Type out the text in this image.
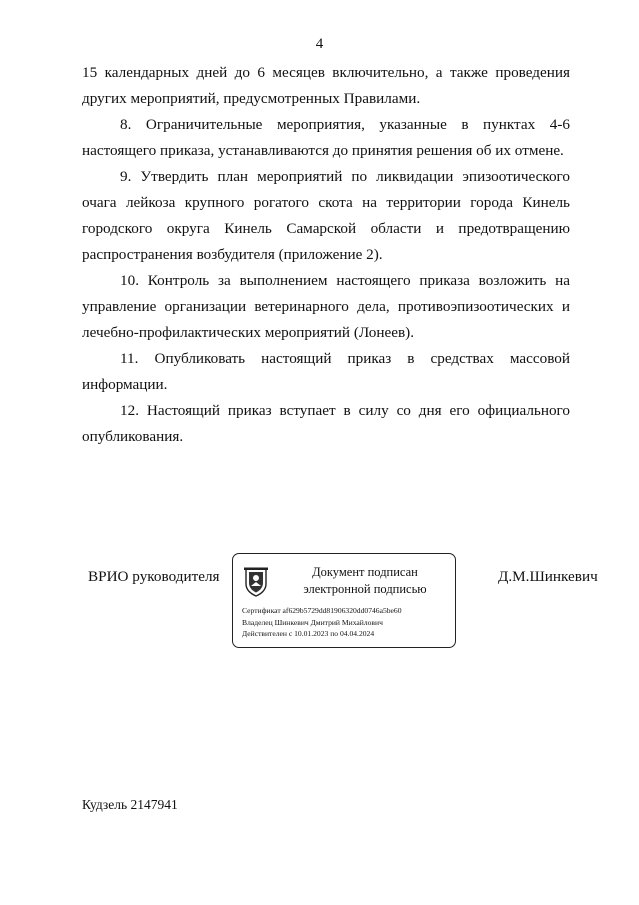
4

15 календарных дней до 6 месяцев включительно, а также проведения других мероприятий, предусмотренных Правилами.

8. Ограничительные мероприятия, указанные в пунктах 4-6 настоящего приказа, устанавливаются до принятия решения об их отмене.

9. Утвердить план мероприятий по ликвидации эпизоотического очага лейкоза крупного рогатого скота на территории города Кинель городского округа Кинель Самарской области и предотвращению распространения возбудителя (приложение 2).

10. Контроль за выполнением настоящего приказа возложить на управление организации ветеринарного дела, противоэпизоотических и лечебно-профилактических мероприятий (Лонеев).

11. Опубликовать настоящий приказ в средствах массовой информации.

12. Настоящий приказ вступает в силу со дня его официального опубликования.

ВРИО руководителя	Документ подписан
электронной подписью
Сертификат af629b5729dd81906320dd0746a5be60
Владелец Шинкевич Дмитрий Михайлович
Действителен с 10.01.2023 по 04.04.2024
Д.М.Шинкевич
Кудзель 2147941
